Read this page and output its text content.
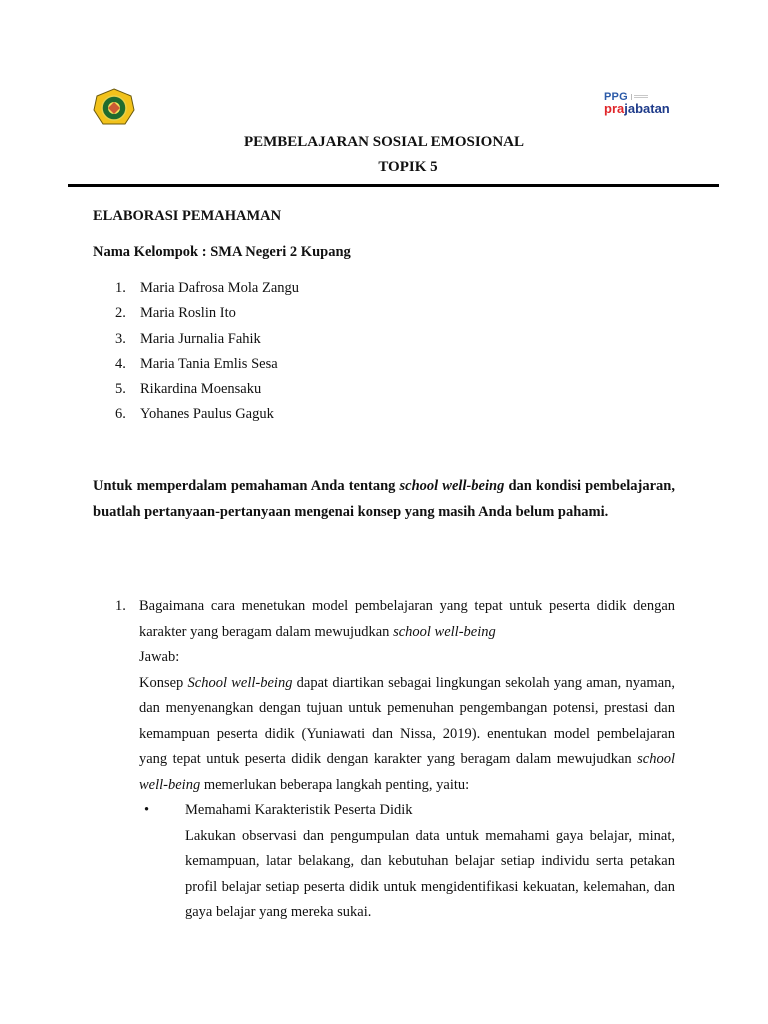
PPG
prajabatan
PEMBELAJARAN SOSIAL EMOSIONAL
TOPIK 5
ELABORASI PEMAHAMAN
Nama Kelompok : SMA Negeri 2 Kupang
1. Maria Dafrosa Mola Zangu
2. Maria Roslin Ito
3. Maria Jurnalia Fahik
4. Maria Tania Emlis Sesa
5. Rikardina Moensaku
6. Yohanes Paulus Gaguk
Untuk memperdalam pemahaman Anda tentang school well-being dan kondisi pembelajaran, buatlah pertanyaan-pertanyaan mengenai konsep yang masih Anda belum pahami.
1. Bagaimana cara menetukan model pembelajaran yang tepat untuk peserta didik dengan karakter yang beragam dalam mewujudkan school well-being
Jawab:
Konsep School well-being dapat diartikan sebagai lingkungan sekolah yang aman, nyaman, dan menyenangkan dengan tujuan untuk pemenuhan pengembangan potensi, prestasi dan kemampuan peserta didik (Yuniawati dan Nissa, 2019). enentukan model pembelajaran yang tepat untuk peserta didik dengan karakter yang beragam dalam mewujudkan school well-being memerlukan beberapa langkah penting, yaitu:
• Memahami Karakteristik Peserta Didik
Lakukan observasi dan pengumpulan data untuk memahami gaya belajar, minat, kemampuan, latar belakang, dan kebutuhan belajar setiap individu serta petakan profil belajar setiap peserta didik untuk mengidentifikasi kekuatan, kelemahan, dan gaya belajar yang mereka sukai.
